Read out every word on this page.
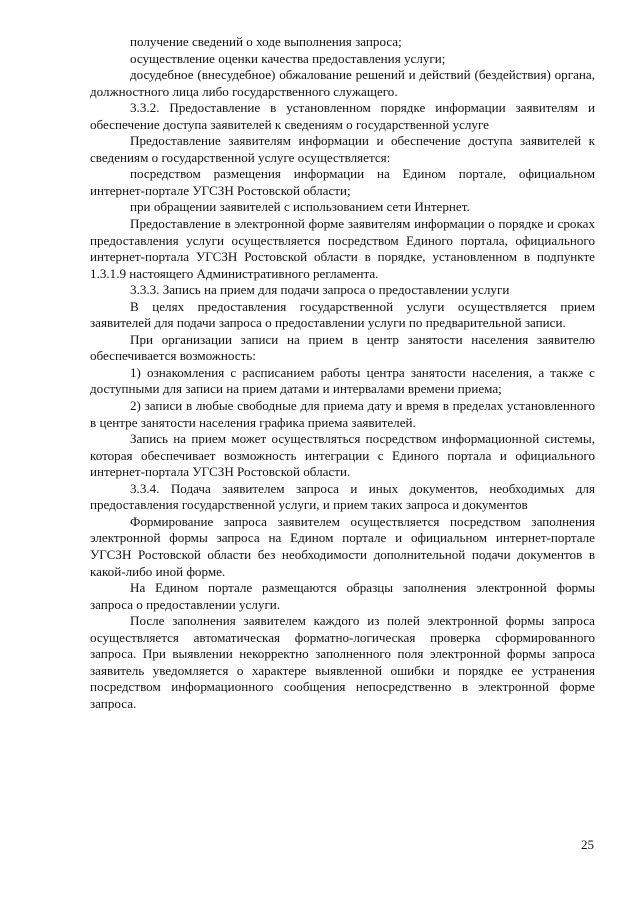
получение сведений о ходе выполнения запроса;

осуществление оценки качества предоставления услуги;

досудебное (внесудебное) обжалование решений и действий (бездействия) органа, должностного лица либо государственного служащего.

3.3.2. Предоставление в установленном порядке информации заявителям и обеспечение доступа заявителей к сведениям о государственной услуге

Предоставление заявителям информации и обеспечение доступа заявителей к сведениям о государственной услуге осуществляется:

посредством размещения информации на Едином портале, официальном интернет-портале УГСЗН Ростовской области;

при обращении заявителей с использованием сети Интернет.

Предоставление в электронной форме заявителям информации о порядке и сроках предоставления услуги осуществляется посредством Единого портала, официального интернет-портала УГСЗН Ростовской области в порядке, установленном в подпункте 1.3.1.9 настоящего Административного регламента.

3.3.3. Запись на прием для подачи запроса о предоставлении услуги

В целях предоставления государственной услуги осуществляется прием заявителей для подачи запроса о предоставлении услуги по предварительной записи.

При организации записи на прием в центр занятости населения заявителю обеспечивается возможность:

1) ознакомления с расписанием работы центра занятости населения, а также с доступными для записи на прием датами и интервалами времени приема;

2) записи в любые свободные для приема дату и время в пределах установленного в центре занятости населения графика приема заявителей.

Запись на прием может осуществляться посредством информационной системы, которая обеспечивает возможность интеграции с Единого портала и официального интернет-портала УГСЗН Ростовской области.

3.3.4. Подача заявителем запроса и иных документов, необходимых для предоставления государственной услуги, и прием таких запроса и документов

Формирование запроса заявителем осуществляется посредством заполнения электронной формы запроса на Едином портале и официальном интернет-портале УГСЗН Ростовской области без необходимости дополнительной подачи документов в какой-либо иной форме.

На Едином портале размещаются образцы заполнения электронной формы запроса о предоставлении услуги.

После заполнения заявителем каждого из полей электронной формы запроса осуществляется автоматическая форматно-логическая проверка сформированного запроса. При выявлении некорректно заполненного поля электронной формы запроса заявитель уведомляется о характере выявленной ошибки и порядке ее устранения посредством информационного сообщения непосредственно в электронной форме запроса.

25
